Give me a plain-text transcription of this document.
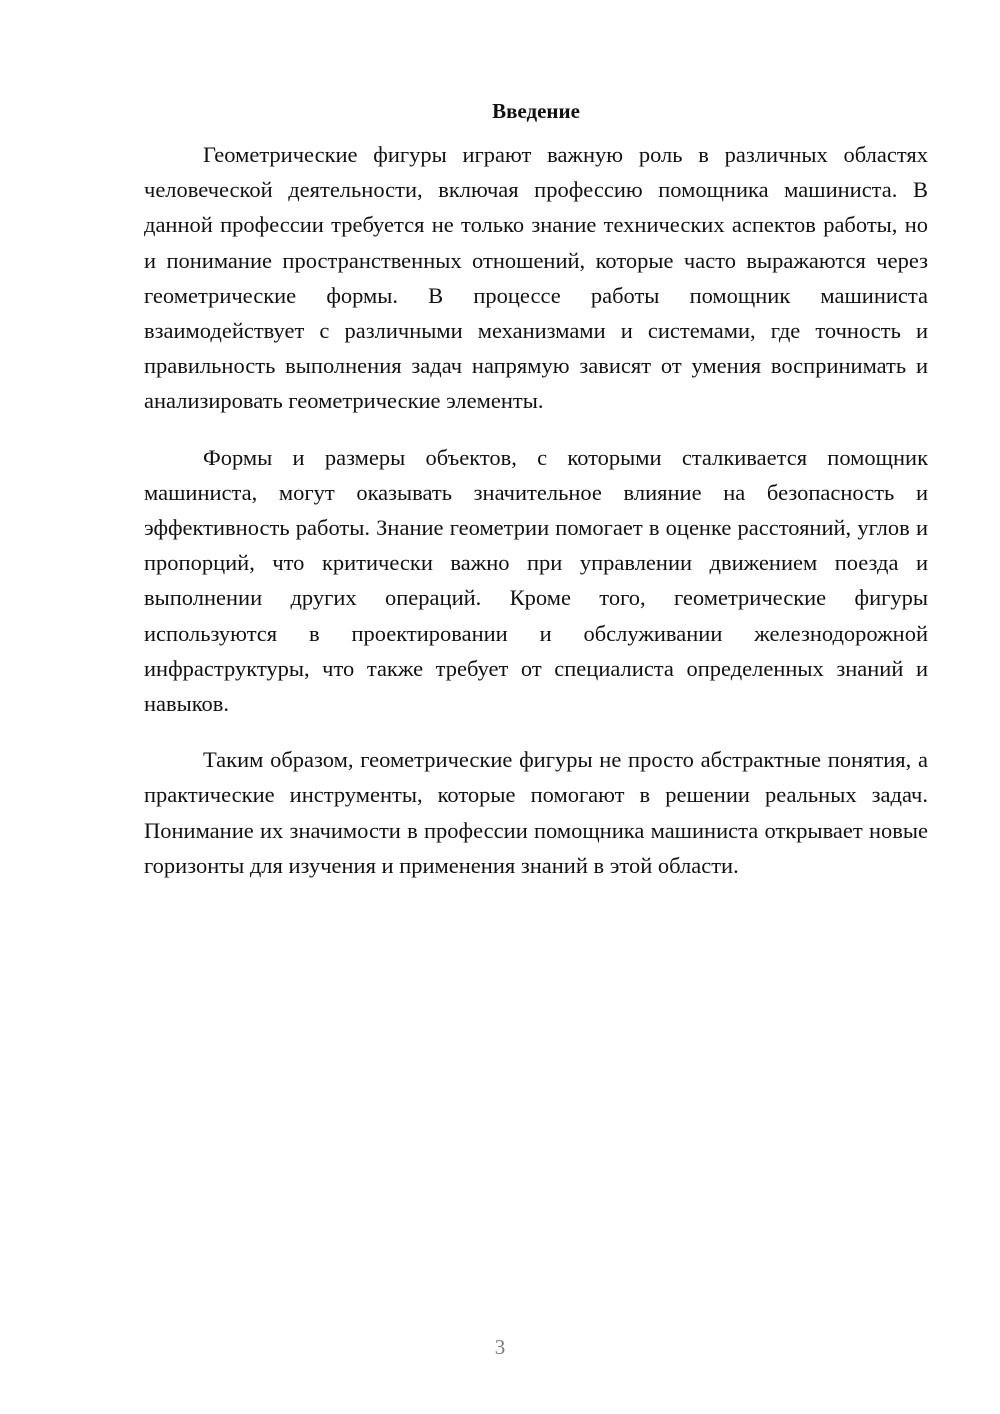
Введение

Геометрические фигуры играют важную роль в различных областях человеческой деятельности, включая профессию помощника машиниста. В данной профессии требуется не только знание технических аспектов работы, но и понимание пространственных отношений, которые часто выражаются через геометрические формы. В процессе работы помощник машиниста взаимодействует с различными механизмами и системами, где точность и правильность выполнения задач напрямую зависят от умения воспринимать и анализировать геометрические элементы.

Формы и размеры объектов, с которыми сталкивается помощник машиниста, могут оказывать значительное влияние на безопасность и эффективность работы. Знание геометрии помогает в оценке расстояний, углов и пропорций, что критически важно при управлении движением поезда и выполнении других операций. Кроме того, геометрические фигуры используются в проектировании и обслуживании железнодорожной инфраструктуры, что также требует от специалиста определенных знаний и навыков.

Таким образом, геометрические фигуры не просто абстрактные понятия, а практические инструменты, которые помогают в решении реальных задач. Понимание их значимости в профессии помощника машиниста открывает новые горизонты для изучения и применения знаний в этой области.

3
